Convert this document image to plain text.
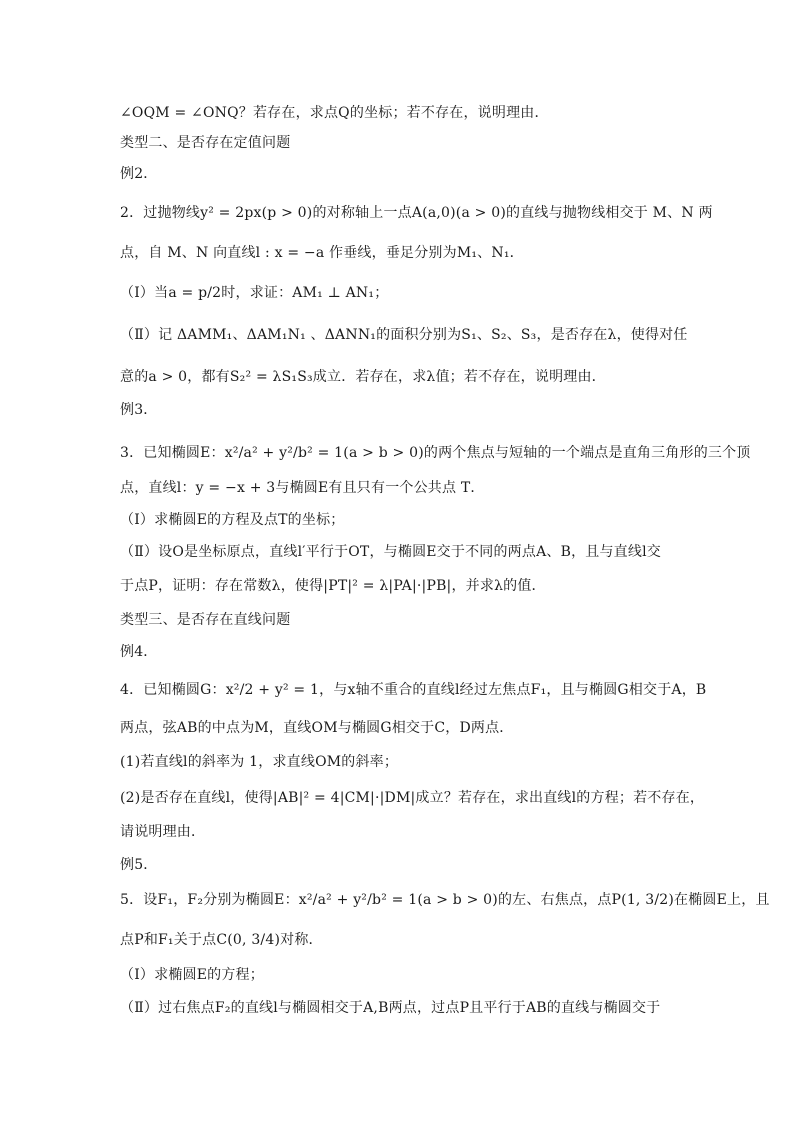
∠OQM = ∠ONQ？若存在，求点Q的坐标；若不存在，说明理由．
类型二、是否存在定值问题
例2．
2．过抛物线y² = 2px(p > 0)的对称轴上一点A(a,0)(a > 0)的直线与抛物线相交于 M、N 两
点，自 M、N 向直线l : x = −a 作垂线，垂足分别为M₁、N₁．
（Ⅰ）当a = p/2时，求证：AM₁ ⊥ AN₁；
（Ⅱ）记 ΔAMM₁、ΔAM₁N₁ 、ΔANN₁的面积分别为S₁、S₂、S₃，是否存在λ，使得对任
意的a > 0，都有S₂² = λS₁S₃成立．若存在，求λ值；若不存在，说明理由．
例3．
3．已知椭圆E：x²/a² + y²/b² = 1(a > b > 0)的两个焦点与短轴的一个端点是直角三角形的三个顶
点，直线l：y = −x + 3与椭圆E有且只有一个公共点 T．
（Ⅰ）求椭圆E的方程及点T的坐标；
（Ⅱ）设O是坐标原点，直线l′平行于OT，与椭圆E交于不同的两点A、B，且与直线l交
于点P，证明：存在常数λ，使得|PT|² = λ|PA|·|PB|，并求λ的值．
类型三、是否存在直线问题
例4．
4．已知椭圆G：x²/2 + y² = 1，与x轴不重合的直线l经过左焦点F₁，且与椭圆G相交于A，B
两点，弦AB的中点为M，直线OM与椭圆G相交于C，D两点．
(1)若直线l的斜率为 1，求直线OM的斜率；
(2)是否存在直线l，使得|AB|² = 4|CM|·|DM|成立？若存在，求出直线l的方程；若不存在，
请说明理由．
例5．
5．设F₁，F₂分别为椭圆E：x²/a² + y²/b² = 1(a > b > 0)的左、右焦点，点P(1, 3/2)在椭圆E上，且
点P和F₁关于点C(0, 3/4)对称．
（Ⅰ）求椭圆E的方程；
（Ⅱ）过右焦点F₂的直线l与椭圆相交于A,B两点，过点P且平行于AB的直线与椭圆交于
